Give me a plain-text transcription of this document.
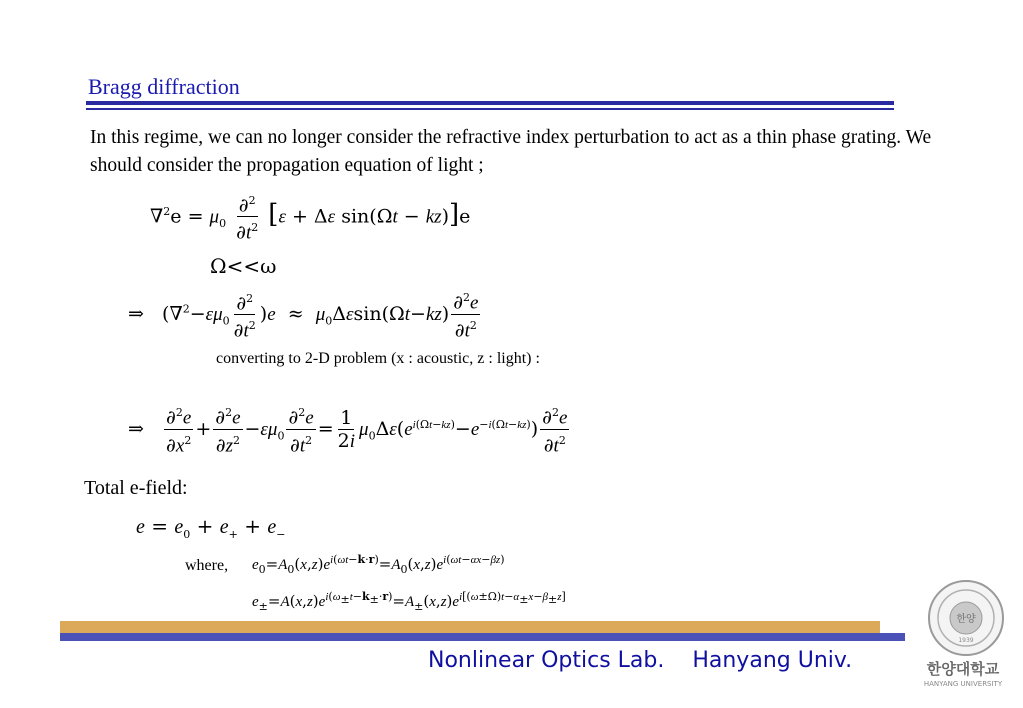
Bragg diffraction
In this regime, we can no longer consider the refractive index perturbation to act as a thin phase grating. We should consider the propagation equation of light ;
$\nabla^2e = \mu_0 \frac{\partial^2}{\partial t^2} [\varepsilon + \Delta\varepsilon$ sin(Ωt − kz)]e
Ω<<ω
⇒   $(\nabla^2-\varepsilon\mu_0 \frac{\partial^2}{\partial t^2} )e \approx \mu_0\Delta\varepsilon\sin(\Omega t-kz) \frac{\partial^2e}{\partial t^2}$
converting to 2-D problem (x : acoustic, z : light) :
⇒ $\frac{\partial^2e}{\partial x^2} + \frac{\partial^2e}{\partial z^2} -\varepsilon\mu_0 \frac{\partial^2e}{\partial t^2} = \frac{1}{2i} \mu_0\Delta\varepsilon(e^{i(\Omega t-kz)}-e^{-i(\Omega t-kz)}) \frac{\partial^2e}{\partial t^2}$
Total e-field:
$e = e_0 + e_+ + e_-$
where, $e_0=A_0(x,z)e^{i(\omega t-k\cdot r)}=A_0(x,z)e^{i(\omega t-\alpha x-\beta z)}$
$e_\pm=A(x,z)e^{i(\omega_\pm t-k_\pm\cdot r)}=A_\pm(x,z)e^{i[(\omega\pm\Omega)t-\alpha_\pm x-\beta_\pm z]}$
Nonlinear Optics Lab. Hanyang Univ.
한양
1939
한양대학교
HANYANG UNIVERSITY
